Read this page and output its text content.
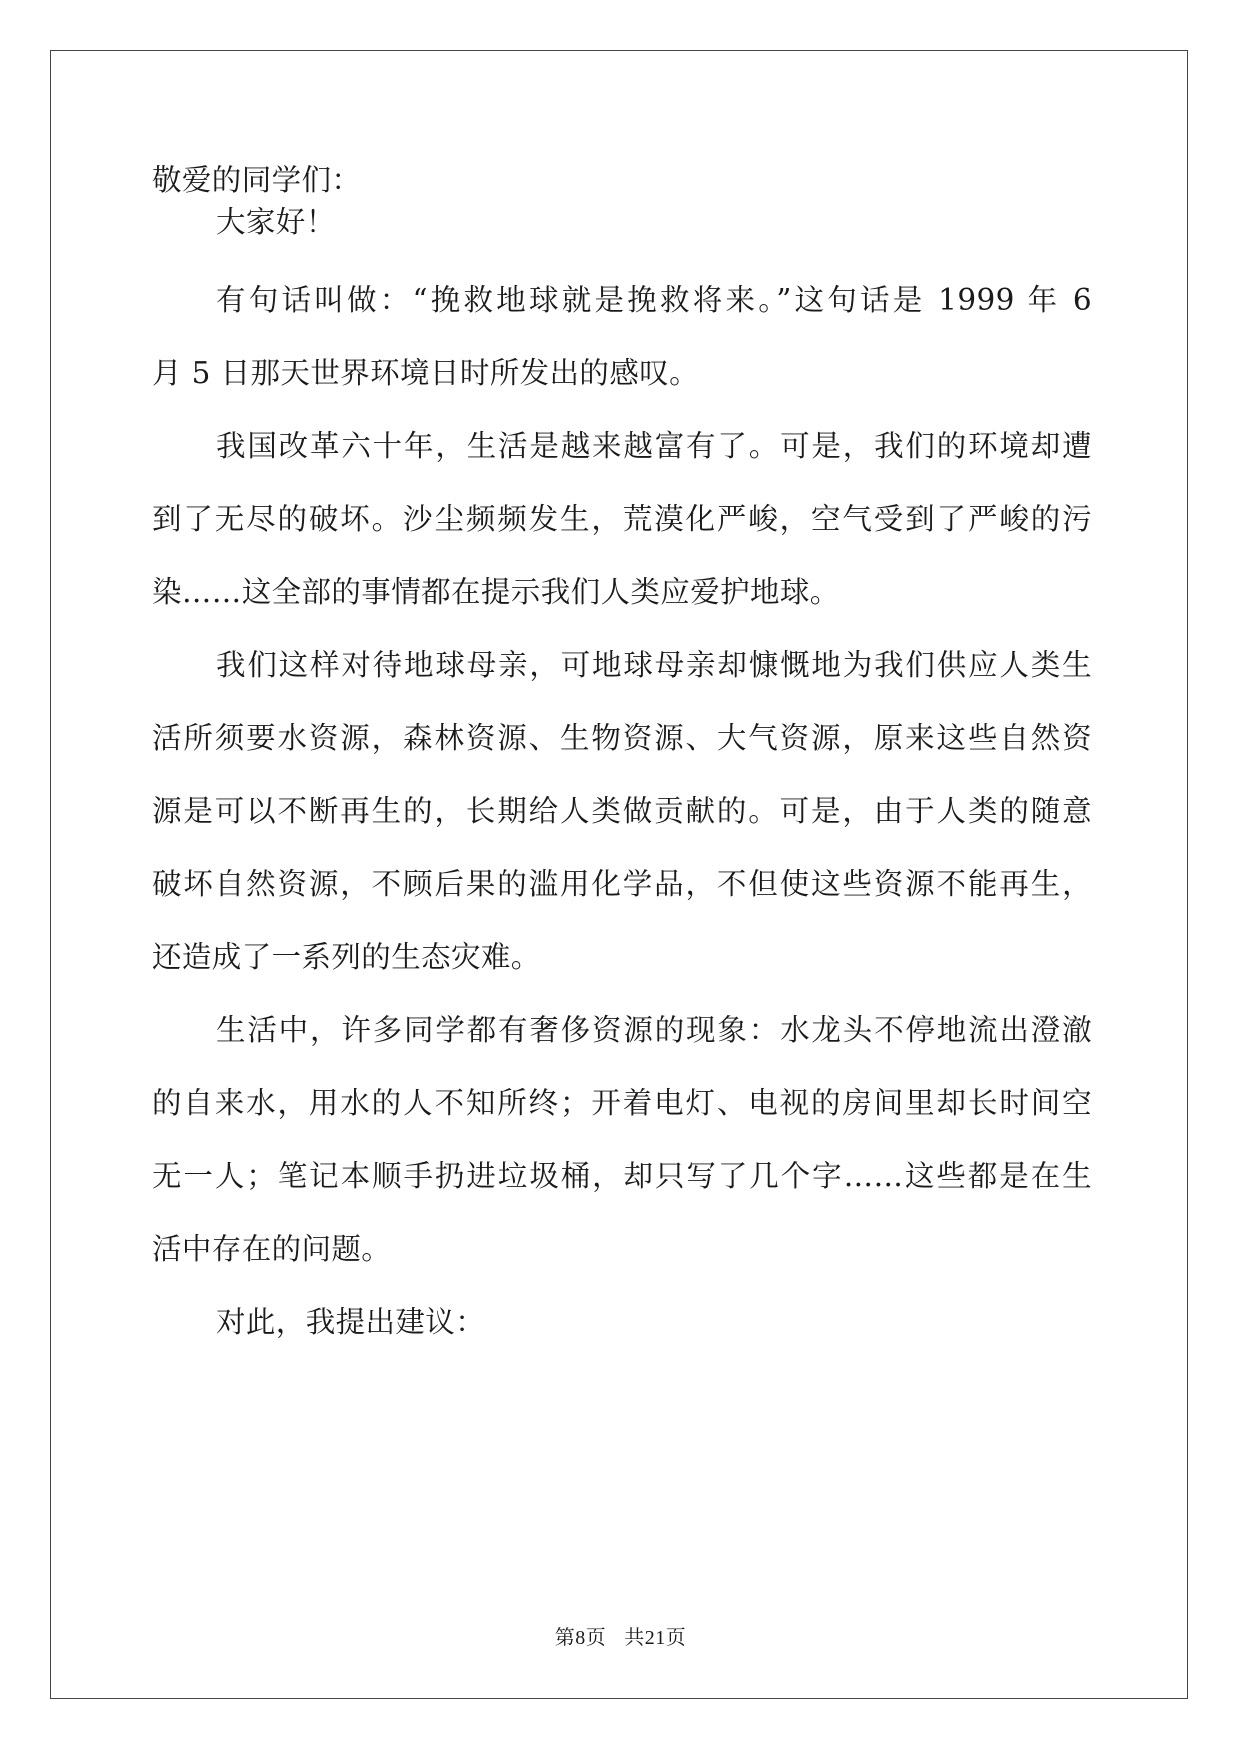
敬爱的同学们：
大家好！
有句话叫做：“挽救地球就是挽救将来。”这句话是 1999 年 6
月 5 日那天世界环境日时所发出的感叹。
我国改革六十年，生活是越来越富有了。可是，我们的环境却遭
到了无尽的破坏。沙尘频频发生，荒漠化严峻，空气受到了严峻的污
染……这全部的事情都在提示我们人类应爱护地球。
我们这样对待地球母亲，可地球母亲却慷慨地为我们供应人类生
活所须要水资源，森林资源、生物资源、大气资源，原来这些自然资
源是可以不断再生的，长期给人类做贡献的。可是，由于人类的随意
破坏自然资源，不顾后果的滥用化学品，不但使这些资源不能再生，
还造成了一系列的生态灾难。
生活中，许多同学都有奢侈资源的现象：水龙头不停地流出澄澈
的自来水，用水的人不知所终；开着电灯、电视的房间里却长时间空
无一人；笔记本顺手扔进垃圾桶，却只写了几个字……这些都是在生
活中存在的问题。
对此，我提出建议：
第8页 共21页
